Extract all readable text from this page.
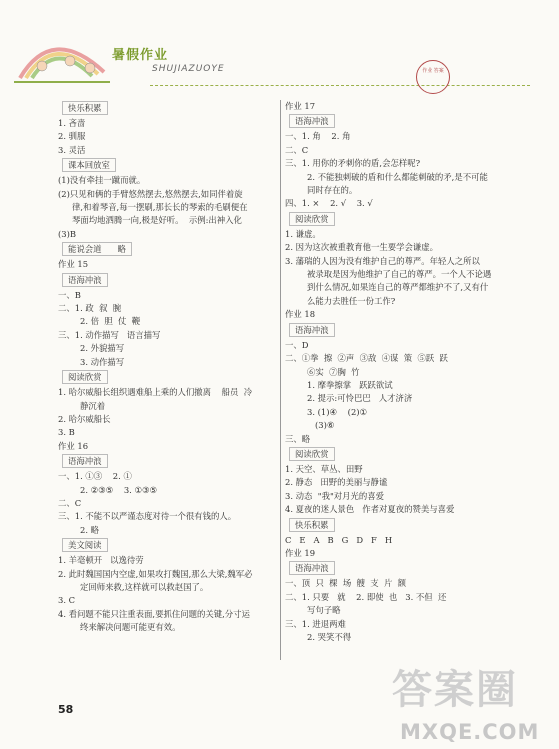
暑假作业
SHUJIAZUOYE	作业 答案
快乐积累
1. 吝啬
2. 驯服
3. 灵活
课本回放室
(1)没有牵挂一蹴而就。
(2)只见和俩的手臂悠然摆去,悠然摆去,如同伴着旋
律,和着琴音,每一摆刷,那长长的琴索的毛刷便在
琴面均地洒腾一向,极是好听。  示例:出神入化
(3)B
能说会道      略
作业 15
语海冲浪
一、B
二、1. 政  叙  腕
2. 倍  胆  仗  鞭
三、1. 动作描写   语言描写
2. 外貌描写
3. 动作描写
阅读欣赏
1. 哈尔威船长组织遇难船上乘的人们撤离    船员  冷
静沉着
2. 哈尔威船长
3. B
作业 16
语海冲浪
一、1. ①③    2. ①
2. ②③⑤    3. ①③⑤
二、C
三、1. 不能不以严谨态度对待一个很有钱的人。
2. 略
美文阅读
1. 羊毫顿开   以逸待劳
2. 此时魏国国内空虚,如果攻打魏国,那么大梁,魏军必
定回师来救,这样就可以救赵国了。
3. C
4. 看问题不能只注重表面,要抓住问题的关键,分寸运
终来解决问题可能更有效。
作业 17
语海冲浪
一、1. 角    2. 角
二、C
三、1. 用你的矛刺你的盾,会怎样呢?
2. 不能独刺破的盾和什么都能刺破的矛,是不可能
同时存在的。
四、1. ×    2. √    3. √
阅读欣赏
1. 谦虚。
2. 因为这次被重教育他一生要学会谦虚。
3. 藩瑞的人因为没有维护自己的尊严。年轻人之所以
被录取是因为他维护了自己的尊严。一个人不论遇
到什么情况,如果连自己的尊严都维护不了,又有什
么能力去胜任一份工作?
作业 18
语海冲浪
一、D
二、①拳  擦  ②声  ③敌  ④谋  策  ⑤跃  跃
⑥实  ⑦胸  竹
1. 摩拳擦掌   跃跃欲试
2. 提示:可怜巴巴   人才济济
3. (1)④    (2)①
(3)⑥
三、略
阅读欣赏
1. 天空、草丛、田野
2. 静态   田野的美丽与静谧
3. 动态  "我"对月光的喜爱
4. 夏夜的迷人景色   作者对夏夜的赞美与喜爱
快乐积累
C   E   A   B   G   D   F   H
作业 19
语海冲浪
一、顶  只  棵  场  艘  支  片  额
二、1. 只要   就    2. 即使  也   3. 不但  还
写句子略
三、1. 进退两难
2. 哭笑不得
58	答案圈
MXQE.COM
